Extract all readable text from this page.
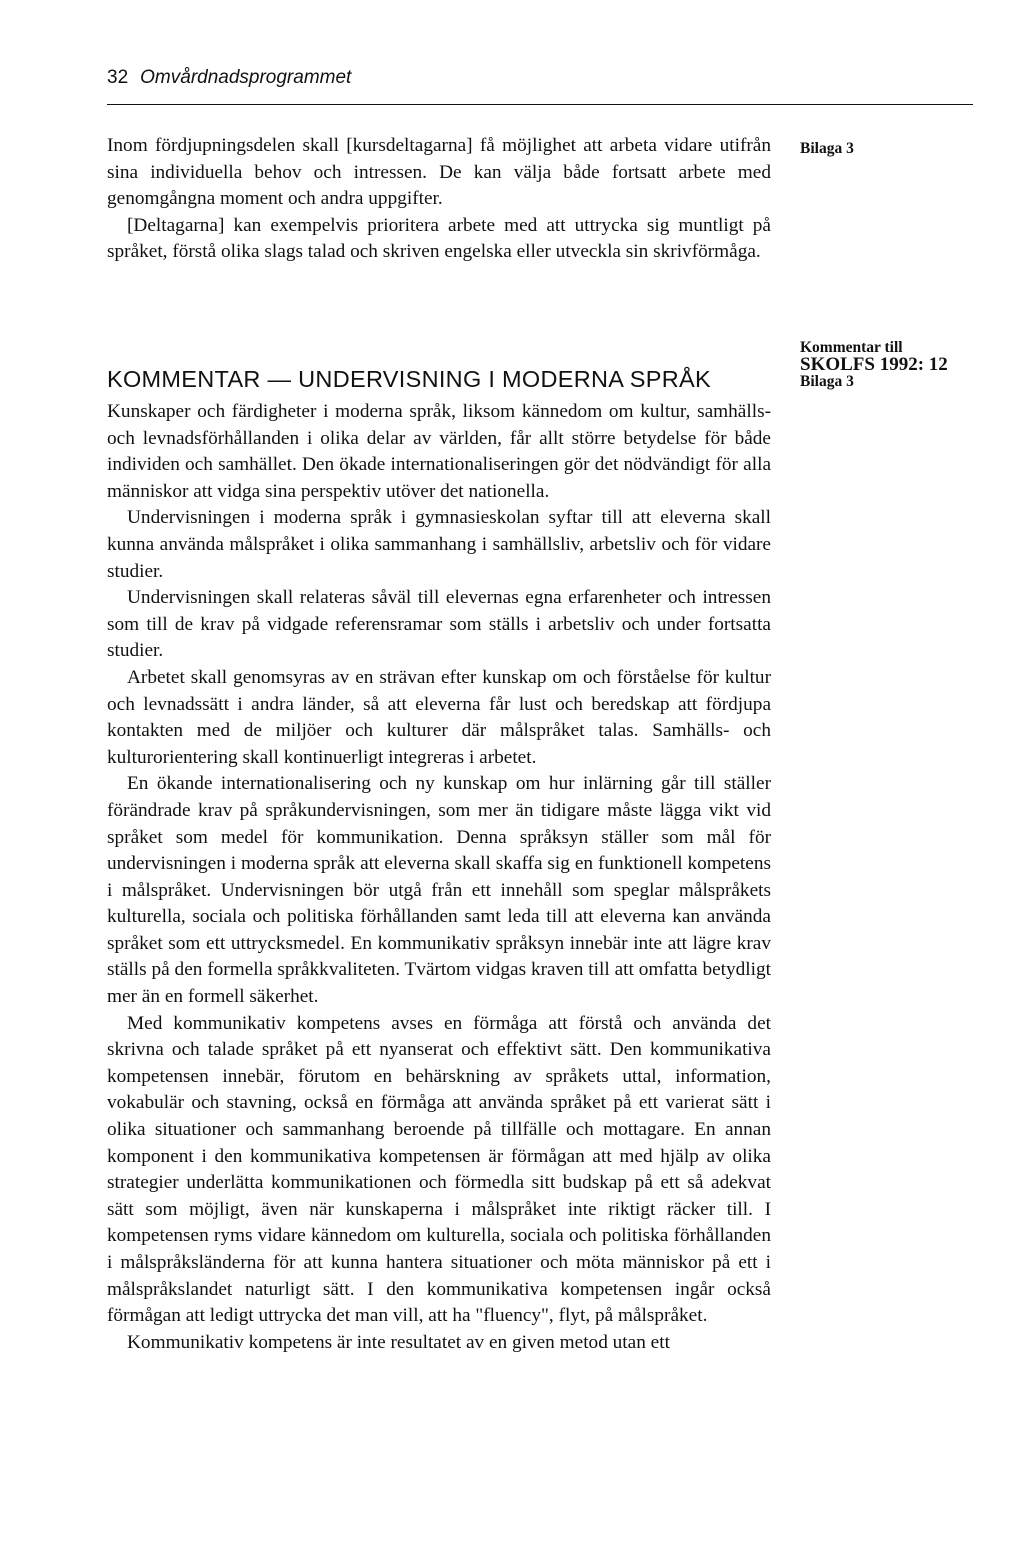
32 Omvårdnadsprogrammet

Inom fördjupningsdelen skall [kursdeltagarna] få möjlighet att arbeta vidare utifrån sina individuella behov och intressen. De kan välja både fortsatt arbete med genomgångna moment och andra uppgifter.

[Deltagarna] kan exempelvis prioritera arbete med att uttrycka sig muntligt på språket, förstå olika slags talad och skriven engelska eller utveckla sin skrivförmåga.

Bilaga 3
Kommentar till
SKOLFS 1992: 12
Bilaga 3
KOMMENTAR — UNDERVISNING I MODERNA SPRÅK

Kunskaper och färdigheter i moderna språk, liksom kännedom om kultur, samhälls- och levnadsförhållanden i olika delar av världen, får allt större betydelse för både individen och samhället. Den ökade internationaliseringen gör det nödvändigt för alla människor att vidga sina perspektiv utöver det nationella.

Undervisningen i moderna språk i gymnasieskolan syftar till att eleverna skall kunna använda målspråket i olika sammanhang i samhällsliv, arbetsliv och för vidare studier.

Undervisningen skall relateras såväl till elevernas egna erfarenheter och intressen som till de krav på vidgade referensramar som ställs i arbetsliv och under fortsatta studier.

Arbetet skall genomsyras av en strävan efter kunskap om och förståelse för kultur och levnadssätt i andra länder, så att eleverna får lust och beredskap att fördjupa kontakten med de miljöer och kulturer där målspråket talas. Samhälls- och kulturorientering skall kontinuerligt integreras i arbetet.

En ökande internationalisering och ny kunskap om hur inlärning går till ställer förändrade krav på språkundervisningen, som mer än tidigare måste lägga vikt vid språket som medel för kommunikation. Denna språksyn ställer som mål för undervisningen i moderna språk att eleverna skall skaffa sig en funktionell kompetens i målspråket. Undervisningen bör utgå från ett innehåll som speglar målspråkets kulturella, sociala och politiska förhållanden samt leda till att eleverna kan använda språket som ett uttrycksmedel. En kommunikativ språksyn innebär inte att lägre krav ställs på den formella språkkvaliteten. Tvärtom vidgas kraven till att omfatta betydligt mer än en formell säkerhet.

Med kommunikativ kompetens avses en förmåga att förstå och använda det skrivna och talade språket på ett nyanserat och effektivt sätt. Den kommunikativa kompetensen innebär, förutom en behärskning av språkets uttal, information, vokabulär och stavning, också en förmåga att använda språket på ett varierat sätt i olika situationer och sammanhang beroende på tillfälle och mottagare. En annan komponent i den kommunikativa kompetensen är förmågan att med hjälp av olika strategier underlätta kommunikationen och förmedla sitt budskap på ett så adekvat sätt som möjligt, även när kunskaperna i målspråket inte riktigt räcker till. I kompetensen ryms vidare kännedom om kulturella, sociala och politiska förhållanden i målspråksländerna för att kunna hantera situationer och möta människor på ett i målspråkslandet naturligt sätt. I den kommunikativa kompetensen ingår också förmågan att ledigt uttrycka det man vill, att ha "fluency", flyt, på målspråket.

Kommunikativ kompetens är inte resultatet av en given metod utan ett
